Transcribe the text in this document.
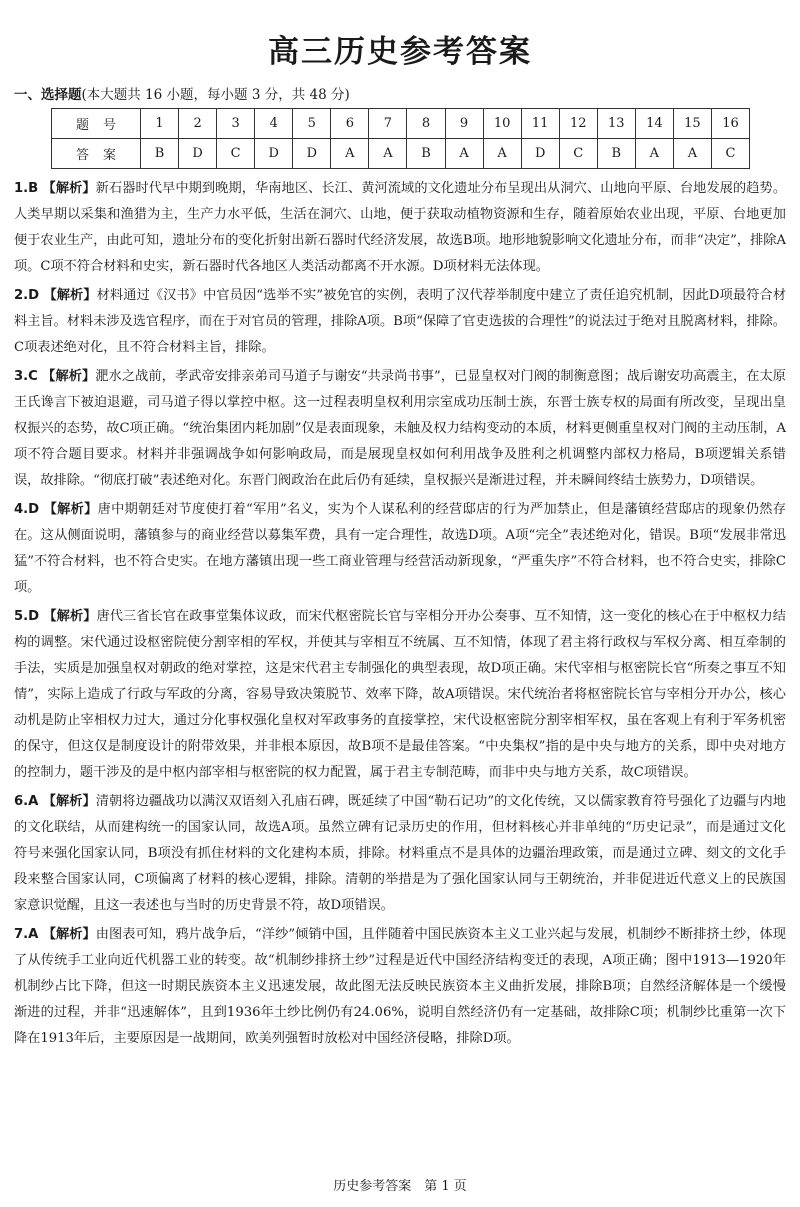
高三历史参考答案
一、选择题(本大题共 16 小题，每小题 3 分，共 48 分)
题号	1	2	3	4	5	6	7	8	9	10	11	12	13	14	15	16
答案	B	D	C	D	D	A	A	B	A	A	D	C	B	A	A	C
1.B 【解析】新石器时代早中期到晚期，华南地区、长江、黄河流域的文化遗址分布呈现出从洞穴、山地向平原、台地发展的趋势。人类早期以采集和渔猎为主，生产力水平低，生活在洞穴、山地，便于获取动植物资源和生存，随着原始农业出现，平原、台地更加便于农业生产，由此可知，遗址分布的变化折射出新石器时代经济发展，故选B项。地形地貌影响文化遗址分布，而非“决定”，排除A项。C项不符合材料和史实，新石器时代各地区人类活动都离不开水源。D项材料无法体现。
2.D 【解析】材料通过《汉书》中官员因“选举不实”被免官的实例，表明了汉代荐举制度中建立了责任追究机制，因此D项最符合材料主旨。材料未涉及选官程序，而在于对官员的管理，排除A项。B项“保障了官吏选拔的合理性”的说法过于绝对且脱离材料，排除。C项表述绝对化，且不符合材料主旨，排除。
3.C 【解析】淝水之战前，孝武帝安排亲弟司马道子与谢安“共录尚书事”，已显皇权对门阀的制衡意图；战后谢安功高震主，在太原王氏谗言下被迫退避，司马道子得以掌控中枢。这一过程表明皇权利用宗室成功压制士族，东晋士族专权的局面有所改变，呈现出皇权振兴的态势，故C项正确。“统治集团内耗加剧”仅是表面现象，未触及权力结构变动的本质，材料更侧重皇权对门阀的主动压制，A项不符合题目要求。材料并非强调战争如何影响政局，而是展现皇权如何利用战争及胜利之机调整内部权力格局，B项逻辑关系错误，故排除。“彻底打破”表述绝对化。东晋门阀政治在此后仍有延续，皇权振兴是渐进过程，并未瞬间终结士族势力，D项错误。
4.D 【解析】唐中期朝廷对节度使打着“军用”名义，实为个人谋私利的经营邸店的行为严加禁止，但是藩镇经营邸店的现象仍然存在。这从侧面说明，藩镇参与的商业经营以募集军费，具有一定合理性，故选D项。A项“完全”表述绝对化，错误。B项“发展非常迅猛”不符合材料，也不符合史实。在地方藩镇出现一些工商业管理与经营活动新现象，“严重失序”不符合材料，也不符合史实，排除C项。
5.D 【解析】唐代三省长官在政事堂集体议政，而宋代枢密院长官与宰相分开办公奏事、互不知情，这一变化的核心在于中枢权力结构的调整。宋代通过设枢密院使分割宰相的军权，并使其与宰相互不统属、互不知情，体现了君主将行政权与军权分离、相互牵制的手法，实质是加强皇权对朝政的绝对掌控，这是宋代君主专制强化的典型表现，故D项正确。宋代宰相与枢密院长官“所奏之事互不知情”，实际上造成了行政与军政的分离，容易导致决策脱节、效率下降，故A项错误。宋代统治者将枢密院长官与宰相分开办公，核心动机是防止宰相权力过大，通过分化事权强化皇权对军政事务的直接掌控，宋代设枢密院分割宰相军权，虽在客观上有利于军务机密的保守，但这仅是制度设计的附带效果，并非根本原因，故B项不是最佳答案。“中央集权”指的是中央与地方的关系，即中央对地方的控制力，题干涉及的是中枢内部宰相与枢密院的权力配置，属于君主专制范畴，而非中央与地方关系，故C项错误。
6.A 【解析】清朝将边疆战功以满汉双语刻入孔庙石碑，既延续了中国“勒石记功”的文化传统，又以儒家教育符号强化了边疆与内地的文化联结，从而建构统一的国家认同，故选A项。虽然立碑有记录历史的作用，但材料核心并非单纯的“历史记录”，而是通过文化符号来强化国家认同，B项没有抓住材料的文化建构本质，排除。材料重点不是具体的边疆治理政策，而是通过立碑、刻文的文化手段来整合国家认同，C项偏离了材料的核心逻辑，排除。清朝的举措是为了强化国家认同与王朝统治，并非促进近代意义上的民族国家意识觉醒，且这一表述也与当时的历史背景不符，故D项错误。
7.A 【解析】由图表可知，鸦片战争后，“洋纱”倾销中国，且伴随着中国民族资本主义工业兴起与发展，机制纱不断排挤土纱，体现了从传统手工业向近代机器工业的转变。故“机制纱排挤土纱”过程是近代中国经济结构变迁的表现，A项正确；图中1913—1920年机制纱占比下降，但这一时期民族资本主义迅速发展，故此图无法反映民族资本主义曲折发展，排除B项；自然经济解体是一个缓慢渐进的过程，并非“迅速解体”，且到1936年土纱比例仍有24.06%，说明自然经济仍有一定基础，故排除C项；机制纱比重第一次下降在1913年后，主要原因是一战期间，欧美列强暂时放松对中国经济侵略，排除D项。
历史参考答案　第 1 页
